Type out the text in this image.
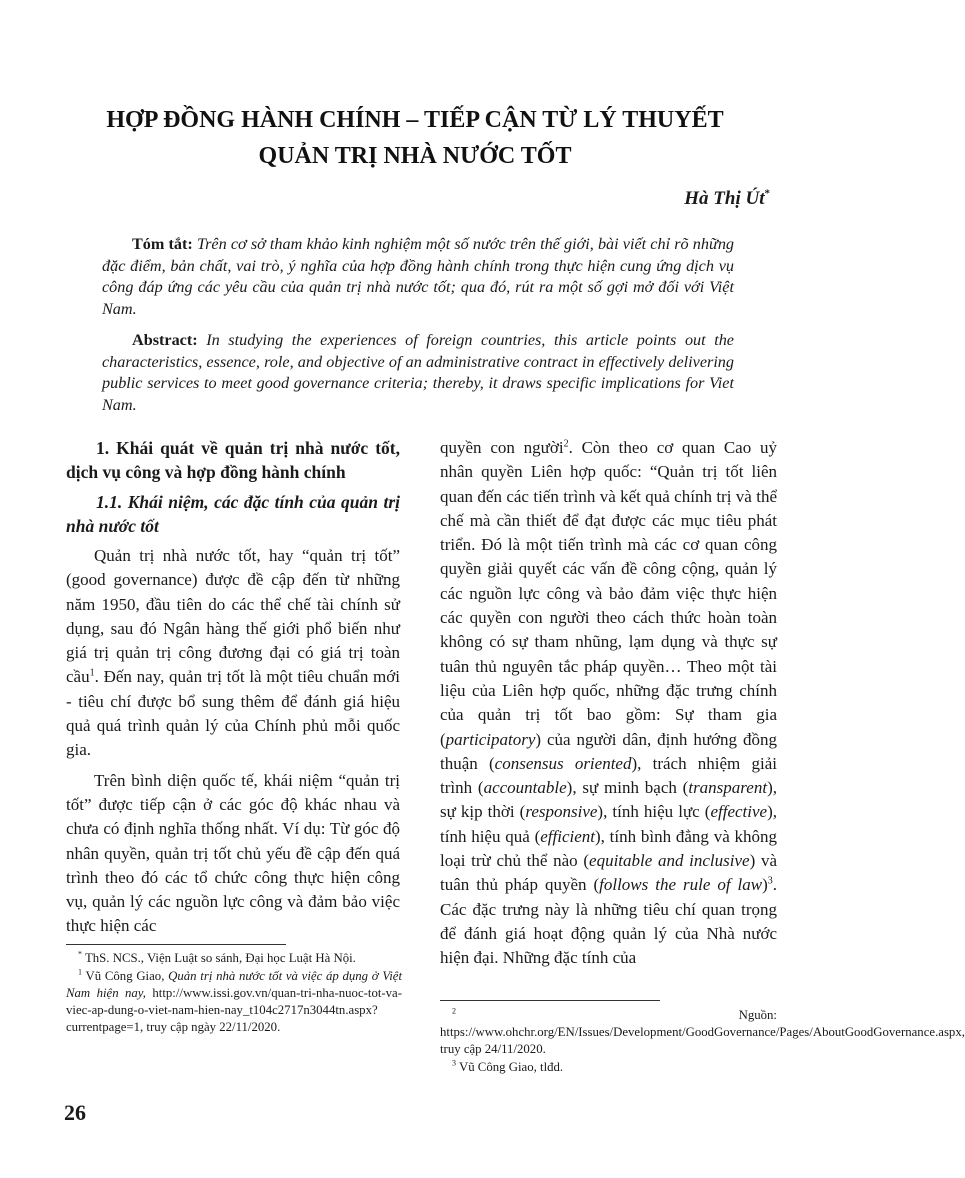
HỢP ĐỒNG HÀNH CHÍNH – TIẾP CẬN TỪ LÝ THUYẾT
QUẢN TRỊ NHÀ NƯỚC TỐT
Hà Thị Út*
Tóm tắt: Trên cơ sở tham khảo kinh nghiệm một số nước trên thế giới, bài viết chỉ rõ những đặc điểm, bản chất, vai trò, ý nghĩa của hợp đồng hành chính trong thực hiện cung ứng dịch vụ công đáp ứng các yêu cầu của quản trị nhà nước tốt; qua đó, rút ra một số gợi mở đối với Việt Nam.
Abstract: In studying the experiences of foreign countries, this article points out the characteristics, essence, role, and objective of an administrative contract in effectively delivering public services to meet good governance criteria; thereby, it draws specific implications for Viet Nam.

1. Khái quát về quản trị nhà nước tốt, dịch vụ công và hợp đồng hành chính

1.1. Khái niệm, các đặc tính của quản trị nhà nước tốt

Quản trị nhà nước tốt, hay “quản trị tốt” (good governance) được đề cập đến từ những năm 1950, đầu tiên do các thể chế tài chính sử dụng, sau đó Ngân hàng thế giới phổ biến như giá trị quản trị công đương đại có giá trị toàn cầu$^1$. Đến nay, quản trị tốt là một tiêu chuẩn mới - tiêu chí được bổ sung thêm để đánh giá hiệu quả quá trình quản lý của Chính phủ mỗi quốc gia.

Trên bình diện quốc tế, khái niệm “quản trị tốt” được tiếp cận ở các góc độ khác nhau và chưa có định nghĩa thống nhất. Ví dụ: Từ góc độ nhân quyền, quản trị tốt chủ yếu đề cập đến quá trình theo đó các tổ chức công thực hiện công vụ, quản lý các nguồn lực công và đảm bảo việc thực hiện các

quyền con người$^2$. Còn theo cơ quan Cao uỷ nhân quyền Liên hợp quốc: “Quản trị tốt liên quan đến các tiến trình và kết quả chính trị và thể chế mà cần thiết để đạt được các mục tiêu phát triển. Đó là một tiến trình mà các cơ quan công quyền giải quyết các vấn đề công cộng, quản lý các nguồn lực công và bảo đảm việc thực hiện các quyền con người theo cách thức hoàn toàn không có sự tham nhũng, lạm dụng và thực sự tuân thủ nguyên tắc pháp quyền… Theo một tài liệu của Liên hợp quốc, những đặc trưng chính của quản trị tốt bao gồm: Sự tham gia (participatory) của người dân, định hướng đồng thuận (consensus oriented), trách nhiệm giải trình (accountable), sự minh bạch (transparent), sự kịp thời (responsive), tính hiệu lực (effective), tính hiệu quả (efficient), tính bình đẳng và không loại trừ chủ thể nào (equitable and inclusive) và tuân thủ pháp quyền (follows the rule of law)$^3$. Các đặc trưng này là những tiêu chí quan trọng để đánh giá hoạt động quản lý của Nhà nước hiện đại. Những đặc tính của

* ThS. NCS., Viện Luật so sánh, Đại học Luật Hà Nội.

$^1$ Vũ Công Giao, Quản trị nhà nước tốt và việc áp dụng ở Việt Nam hiện nay, http://www.issi.gov.vn/quan-tri-nha-nuoc-tot-va-viec-ap-dung-o-viet-nam-hien-nay_t104c2717n3044tn.aspx?currentpage=1, truy cập ngày 22/11/2020.

$^2$	Nguồn: https://www.ohchr.org/EN/Issues/Development/GoodGovernance/Pages/AboutGoodGovernance.aspx, truy cập 24/11/2020.

$^3$ Vũ Công Giao, tlđd.

26
